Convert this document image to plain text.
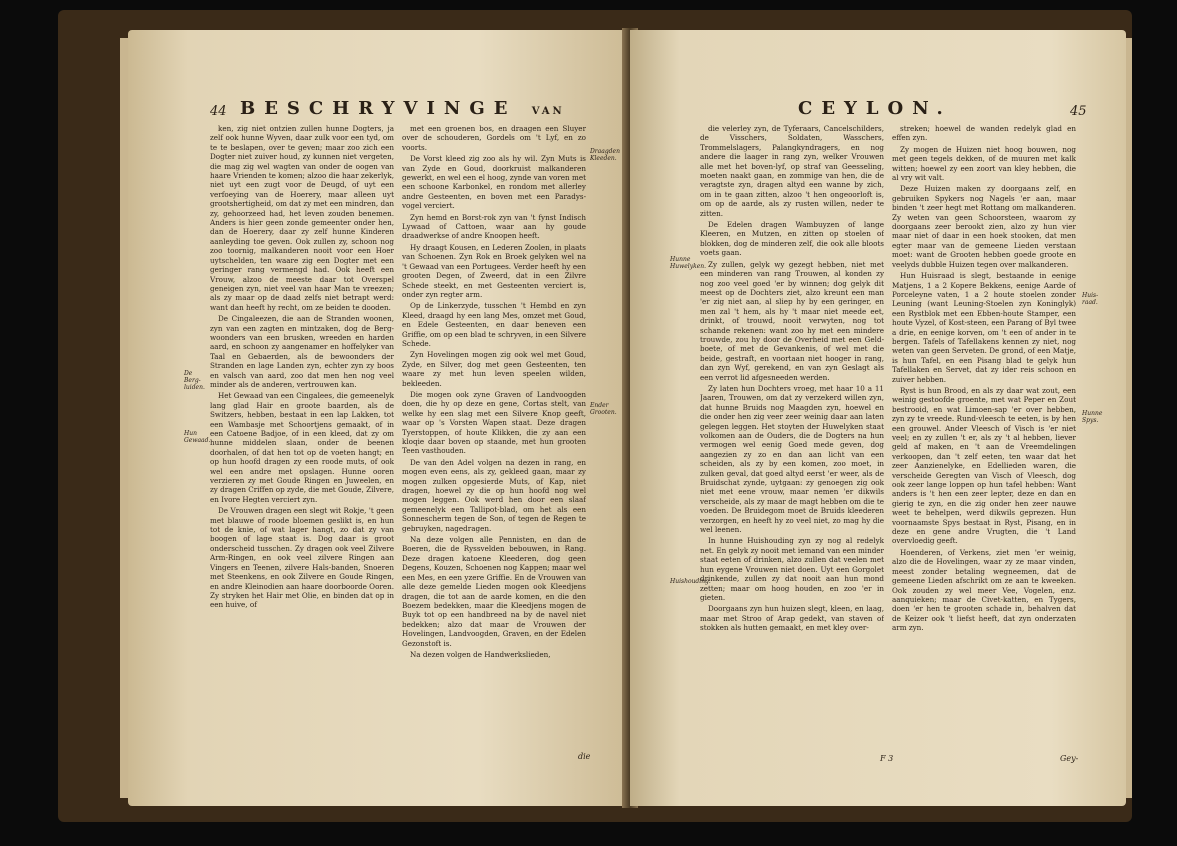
44 BESCHRYVINGE VAN

ken, zig niet ontzien zullen hunne Dogters, ja zelf ook hunne Wyven, daar zulk voor een tyd, om te te beslapen, over te geven; maar zoo zich een Dogter niet zuiver houd, zy kunnen niet vergeten, die mag zig wel wagten van onder de oogen van haare Vrienden te komen; alzoo die haar zekerlyk, niet uyt een zugt voor de Deugd, of uyt een verfoeying van de Hoerery, maar alleen uyt grootshertigheid, om dat zy met een mindren, dan zy, gehoorzeed had, het leven zouden benemen. Anders is hier geen zonde gemeenter onder hen, dan de Hoerery, daar zy zelf hunne Kinderen aanleyding toe geven. Ook zullen zy, schoon nog zoo toornig, malkanderen nooit voor een Hoer uytschelden, ten waare zig een Dogter met een geringer rang vermengd had. Ook heeft een Vrouw, alzoo de meeste daar tot Overspel geneigen zyn, niet veel van haar Man te vreezen; als zy maar op de daad zelfs niet betrapt werd: want dan heeft hy recht, om ze beiden te dooden.

De Cingaleezen, die aan de Stranden woonen, zyn van een zagten en mintzaken, dog de Berg-woonders van een brusken, wreeden en harden aard, en schoon zy aangenamer en hoffelyker van Taal en Gebaerden, als de bewoonders der Stranden en lage Landen zyn, echter zyn zy boos en valsch van aard, zoo dat men hen nog veel minder als de anderen, vertrouwen kan.

Het Gewaad van een Cingalees, die gemeenelyk lang glad Hair en groote baarden, als de Switzers, hebben, bestaat in een lap Lakken, tot een Wambasje met Schoortjens gemaakt, of in een Catoene Badjoe, of in een kleed, dat zy om hunne middelen slaan, onder de beenen doorhalen, of dat hen tot op de voeten hangt; en op hun hoofd dragen zy een roode muts, of ook wel een andre met opslagen. Hunne ooren verzieren zy met Goude Ringen en Juweelen, en zy dragen Criffen op zyde, die met Goude, Zilvere, en Ivore Hegten verciert zyn.

De Vrouwen dragen een slegt wit Rokje, 't geen met blauwe of roode bloemen geslikt is, en hun tot de knie, of wat lager hangt, zo dat zy van boogen of lage staat is. Dog daar is groot onderscheid tusschen. Zy dragen ook veel Zilvere Arm-Ringen, en ook veel zilvere Ringen aan Vingers en Teenen, zilvere Hals-banden, Snoeren met Steenkens, en ook Zilvere en Goude Ringen, en andre Kleinodien aan haare doorboorde Ooren. Zy stryken het Hair met Olie, en binden dat op in een huive, of

met een groenen bos, en draagen een Sluyer over de schouderen, Gordels om 't Lyf, en zo voorts.

De Vorst kleed zig zoo als hy wil. Zyn Muts is van Zyde en Goud, doorkruist malkanderen gewerkt, en wel een el hoog, zynde van voren met een schoone Karbonkel, en rondom met allerley andre Gesteenten, en boven met een Paradys-vogel verciert.

Zyn hemd en Borst-rok zyn van 't fynst Indisch Lywaad of Cattoen, waar aan hy goude draadwerkse of andre Knoopen heeft.

Hy draagt Kousen, en Lederen Zoolen, in plaats van Schoenen. Zyn Rok en Broek gelyken wel na 't Gewaad van een Portugees. Verder heeft hy een grooten Degen, of Zweerd, dat in een Zilvre Schede steekt, en met Gesteenten verciert is, onder zyn regter arm.

Op de Linkerzyde, tusschen 't Hembd en zyn Kleed, draagd hy een lang Mes, omzet met Goud, en Edele Gesteenten, en daar beneven een Griffie, om op een blad te schryven, in een Silvere Schede.

Zyn Hovelingen mogen zig ook wel met Goud, Zyde, en Silver, dog met geen Gesteenten, ten waare zy met hun leven speelen wilden, bekleeden.

Die mogen ook zyne Graven of Landvoogden doen, die hy op deze en gene, Cortas stelt, van welke hy een slag met een Silvere Knop geeft, waar op 's Vorsten Wapen staat. Deze dragen Tyerstoppen, of houte Klikken, die zy aan een kloqie daar boven op staande, met hun grooten Teen vasthouden.

De van den Adel volgen na dezen in rang, en mogen even eens, als zy, gekleed gaan, maar zy mogen zulken opgesierde Muts, of Kap, niet dragen, hoewel zy die op hun hoofd nog wel mogen leggen. Ook werd hen door een slaaf gemeenelyk een Tallipot-blad, om het als een Sonnescherm tegen de Son, of tegen de Regen te gebruyken, nagedragen.

Na deze volgen alle Pennisten, en dan de Boeren, die de Ryssvelden bebouwen, in Rang. Deze dragen katoene Kleederen, dog geen Degens, Kouzen, Schoenen nog Kappen; maar wel een Mes, en een yzere Griffie. En de Vrouwen van alle deze gemelde Lieden mogen ook Kleedjens dragen, die tot aan de aarde komen, en die den Boezem bedekken, maar die Kleedjens mogen de Buyk tot op een handbreed na by de navel niet bedekken; alzo dat maar de Vrouwen der Hovelingen, Landvoogden, Graven, en der Edelen Gezonstoft is.

Na dezen volgen de Handwerkslieden,

Draagden Kleeden.
De Berg-luiden.
Hun Gewaad.
Ender Grooten.
die
CEYLON.	45

die velerley zyn, de Tyferaars, Cancelschilders, de Visschers, Soldaten, Wasschers, Trommelslagers, Palangkyndragers, en nog andere die laager in rang zyn, welker Vrouwen alle met het boven-lyf, op straf van Geesseling, moeten naakt gaan, en zommige van hen, die de veragtste zyn, dragen altyd een wanne by zich, om in te gaan zitten, alzoo 't hen ongeoorloft is, om op de aarde, als zy rusten willen, neder te zitten.

De Edelen dragen Wambuyzen of lange Kleeren, en Mutzen, en zitten op stoelen of blokken, dog de minderen zelf, die ook alle bloots voets gaan.

Zy zullen, gelyk wy gezegt hebben, niet met een minderen van rang Trouwen, al konden zy nog zoo veel goed 'er by winnen; dog gelyk dit meest op de Dochters ziet, alzo kreunt een man 'er zig niet aan, al sliep hy by een geringer, en men zal 't hem, als hy 't maar niet meede eet, drinkt, of trouwd, nooit verwyten, nog tot schande rekenen: want zoo hy met een mindere trouwde, zou hy door de Overheid met een Geld-boete, of met de Gevankenis, of wel met die beide, gestraft, en voortaan niet hooger in rang, dan zyn Wyf, gerekend, en van zyn Geslagt als een verrot lid afgesneeden werden.

Zy laten hun Dochters vroeg, met haar 10 a 11 Jaaren, Trouwen, om dat zy verzekerd willen zyn, dat hunne Bruids nog Maagden zyn, hoewel en die onder hen zig veer zeer weinig daar aan laten gelegen leggen. Het stoyten der Huwelyken staat volkomen aan de Ouders, die de Dogters na hun vermogen wel eenig Goed mede geven, dog aangezien zy zo en dan aan licht van een scheiden, als zy by een komen, zoo moet, in zulken geval, dat goed altyd eerst 'er weer, als de Bruidschat zynde, uytgaan: zy genoegen zig ook niet met eene vrouw, maar nemen 'er dikwils verscheide, als zy maar de magt hebben om die te voeden. De Bruidegom moet de Bruids kleederen verzorgen, en heeft hy zo veel niet, zo mag hy die wel leenen.

In hunne Huishouding zyn zy nog al redelyk net. En gelyk zy nooit met iemand van een minder staat eeten of drinken, alzo zullen dat veelen met hun eygene Vrouwen niet doen. Uyt een Gorgolet drinkende, zullen zy dat nooit aan hun mond zetten; maar om hoog houden, en zoo 'er in gieten.

Doorgaans zyn hun huizen slegt, kleen, en laag, maar met Stroo of Arap gedekt, van staven of stokken als hutten gemaakt, en met kley over-

streken; hoewel de wanden redelyk glad en effen zyn.

Zy mogen de Huizen niet hoog bouwen, nog met geen tegels dekken, of de muuren met kalk witten; hoewel zy een zoort van kley hebben, die al vry wit valt.

Deze Huizen maken zy doorgaans zelf, en gebruiken Spykers nog Nagels 'er aan, maar binden 't zeer hegt met Rottang om malkanderen. Zy weten van geen Schoorsteen, waarom zy doorgaans zeer berookt zien, alzo zy hun vier maar niet of daar in een hoek stooken, dat men egter maar van de gemeene Lieden verstaan moet: want de Grooten hebben goede groote en veelyds dubble Huizen tegen over malkanderen.

Hun Huisraad is slegt, bestaande in eenige Matjens, 1 a 2 Kopere Bekkens, eenige Aarde of Porceleyne vaten, 1 a 2 houte stoelen zonder Leuning (want Leuning-Stoelen zyn Koninglyk) een Rystblok met een Ebben-houte Stamper, een houte Vyzel, of Kost-steen, een Parang of Byl twee a drie, en eenige korven, om 't een of ander in te bergen. Tafels of Tafellakens kennen zy niet, nog weten van geen Serveten. De grond, of een Matje, is hun Tafel, en een Pisang blad te gelyk hun Tafellaken en Servet, dat zy ider reis schoon en zuiver hebben.

Ryst is hun Brood, en als zy daar wat zout, een weinig gestoofde groente, met wat Peper en Zout bestrooid, en wat Limoen-sap 'er over hebben, zyn zy te vreede. Rund-vleesch te eeten, is by hen een grouwel. Ander Vleesch of Visch is 'er niet veel; en zy zullen 't er, als zy 't al hebben, liever geld af maken, en 't aan de Vreemdelingen verkoopen, dan 't zelf eeten, ten waar dat het zeer Aanzienelyke, en Edellieden waren, die verscheide Geregten van Visch of Vleesch, dog ook zeer lange loppen op hun tafel hebben: Want anders is 't hen een zeer lepter, deze en dan en gierig te zyn, en die zig onder hen zeer nauwe weet te behelpen, werd dikwils geprezen. Hun voornaamste Spys bestaat in Ryst, Pisang, en in deze en gene andre Vrugten, die 't Land overvloedig geeft.

Hoenderen, of Verkens, ziet men 'er weinig, alzo die de Hovelingen, waar zy ze maar vinden, meest zonder betaling wegneemen, dat de gemeene Lieden afschrikt om ze aan te kweeken. Ook zouden zy wel meer Vee, Vogelen, enz. aanquieken; maar de Civet-katten, en Tygers, doen 'er hen te grooten schade in, behalven dat de Keizer ook 't liefst heeft, dat zyn onderzaten arm zyn.

Hunne Huwelyken.
Huishouding.
Huis-raad.
Hunne Spys.
F 3	Gey-
